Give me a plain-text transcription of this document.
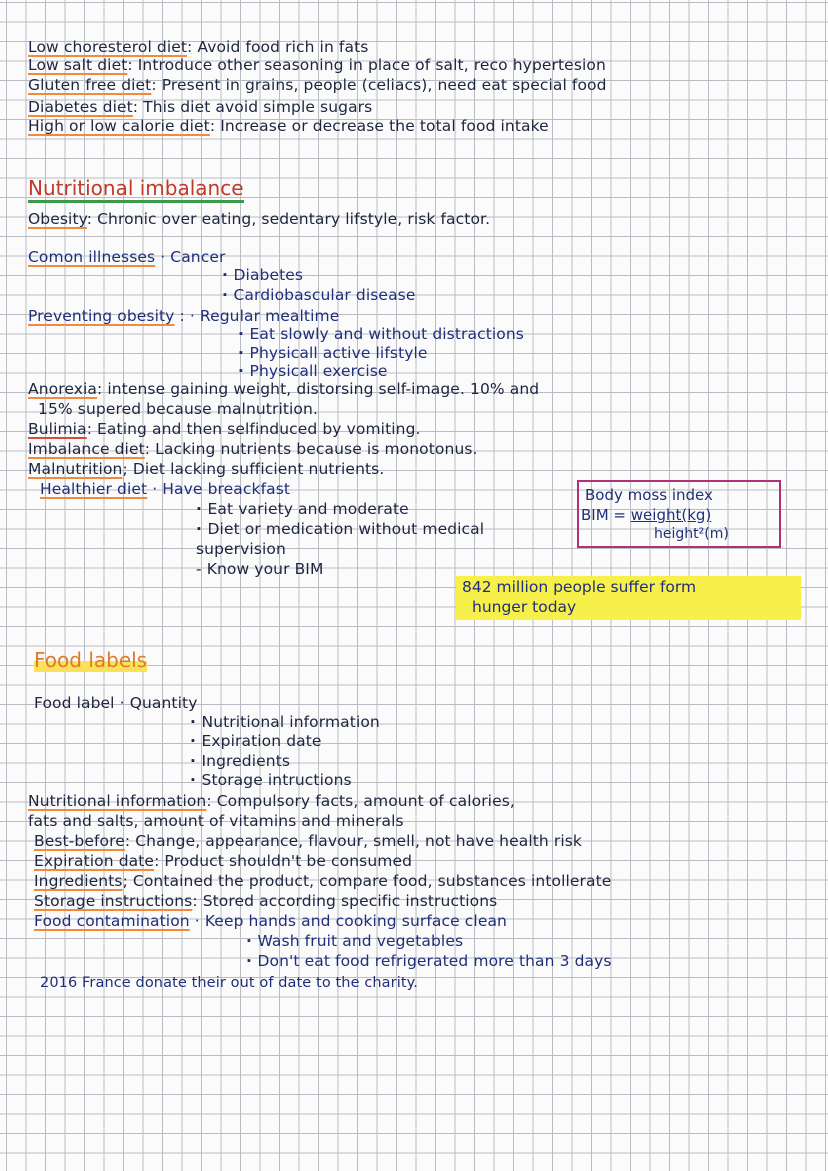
Low choresterol diet: Avoid food rich in fats
Low salt diet: Introduce other seasoning in place of salt, reco hypertesion
Gluten free diet: Present in grains, people (celiacs), need eat special food
Diabetes diet: This diet avoid simple sugars
High or low calorie diet: Increase or decrease the total food intake
Nutritional imbalance
Obesity: Chronic over eating, sedentary lifstyle, risk factor.
Comon illnesses · Cancer
· Diabetes
· Cardiobascular disease
Preventing obesity : · Regular mealtime
· Eat slowly and without distractions
· Physicall active lifstyle
· Physicall exercise
Anorexia: intense gaining weight, distorsing self-image. 10% and
15% supered because malnutrition.
Bulimia: Eating and then selfinduced by vomiting.
Imbalance diet: Lacking nutrients because is monotonus.
Malnutrition; Diet lacking sufficient nutrients.
Healthier diet · Have breackfast
· Eat variety and moderate
· Diet or medication without medical
supervision
- Know your BIM
Body moss index
BIM = weight(kg)
height²(m)
842 million people suffer form
hunger today
Food labels
Food label · Quantity
· Nutritional information
· Expiration date
· Ingredients
· Storage intructions
Nutritional information: Compulsory facts, amount of calories,
fats and salts, amount of vitamins and minerals
Best-before: Change, appearance, flavour, smell, not have health risk
Expiration date: Product shouldn't be consumed
Ingredients; Contained the product, compare food, substances intollerate
Storage instructions: Stored according specific instructions
Food contamination · Keep hands and cooking surface clean
· Wash fruit and vegetables
· Don't eat food refrigerated more than 3 days
2016 France donate their out of date to the charity.
